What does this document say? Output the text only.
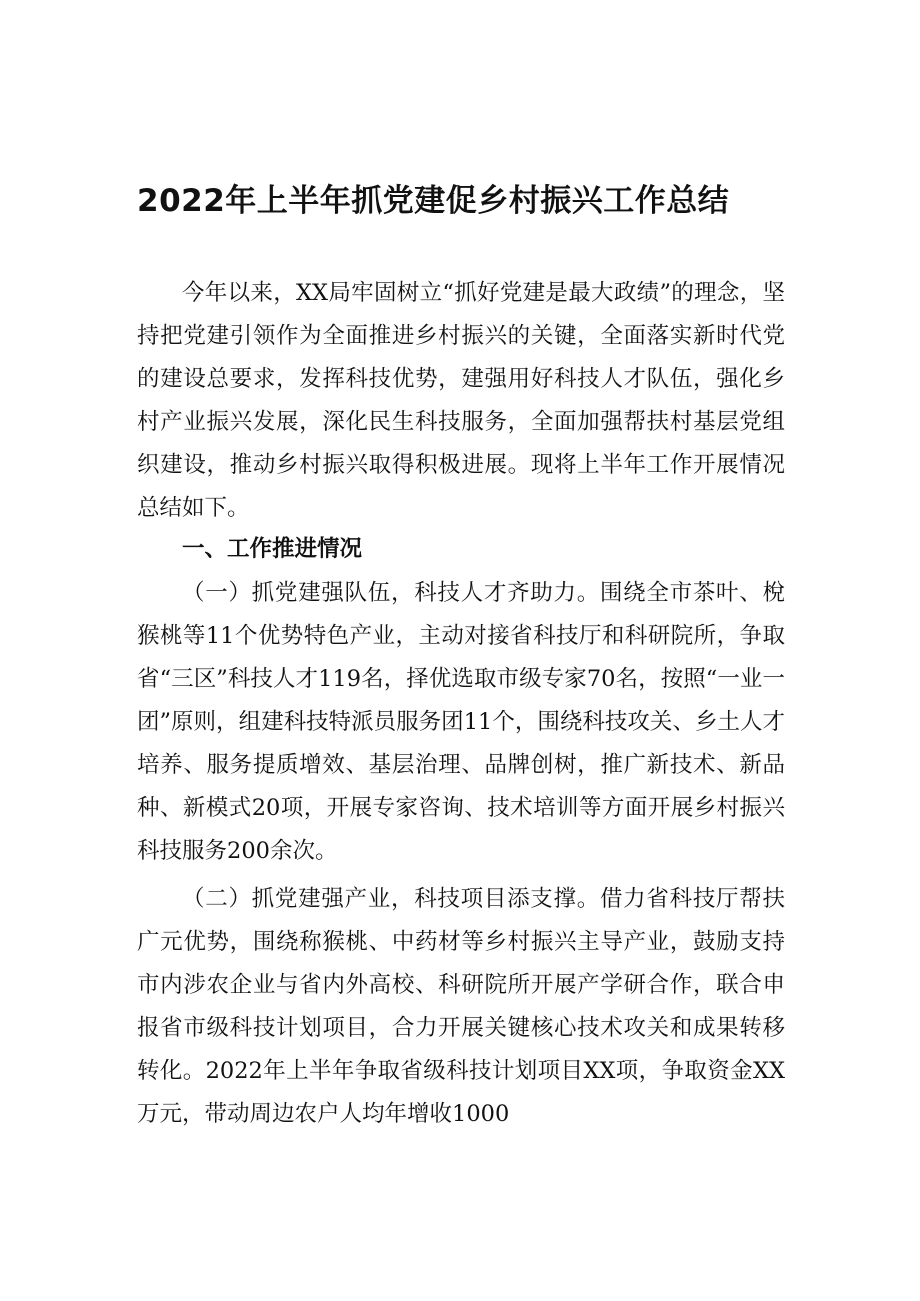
2022年上半年抓党建促乡村振兴工作总结

今年以来，XX局牢固树立“抓好党建是最大政绩”的理念，坚持把党建引领作为全面推进乡村振兴的关键，全面落实新时代党的建设总要求，发挥科技优势，建强用好科技人才队伍，强化乡村产业振兴发展，深化民生科技服务，全面加强帮扶村基层党组织建设，推动乡村振兴取得积极进展。现将上半年工作开展情况总结如下。

一、工作推进情况

（一）抓党建强队伍，科技人才齐助力。围绕全市茶叶、梲猴桃等11个优势特色产业，主动对接省科技厅和科研院所，争取省“三区”科技人才119名，择优选取市级专家70名，按照“一业一团”原则，组建科技特派员服务团11个，围绕科技攻关、乡土人才培养、服务提质增效、基层治理、品牌创树，推广新技术、新品种、新模式20项，开展专家咨询、技术培训等方面开展乡村振兴科技服务200余次。

（二）抓党建强产业，科技项目添支撑。借力省科技厅帮扶广元优势，围绕称猴桃、中药材等乡村振兴主导产业，鼓励支持市内涉农企业与省内外高校、科研院所开展产学研合作，联合申报省市级科技计划项目，合力开展关键核心技术攻关和成果转移转化。2022年上半年争取省级科技计划项目XX项，争取资金XX万元，带动周边农户人均年增收1000
